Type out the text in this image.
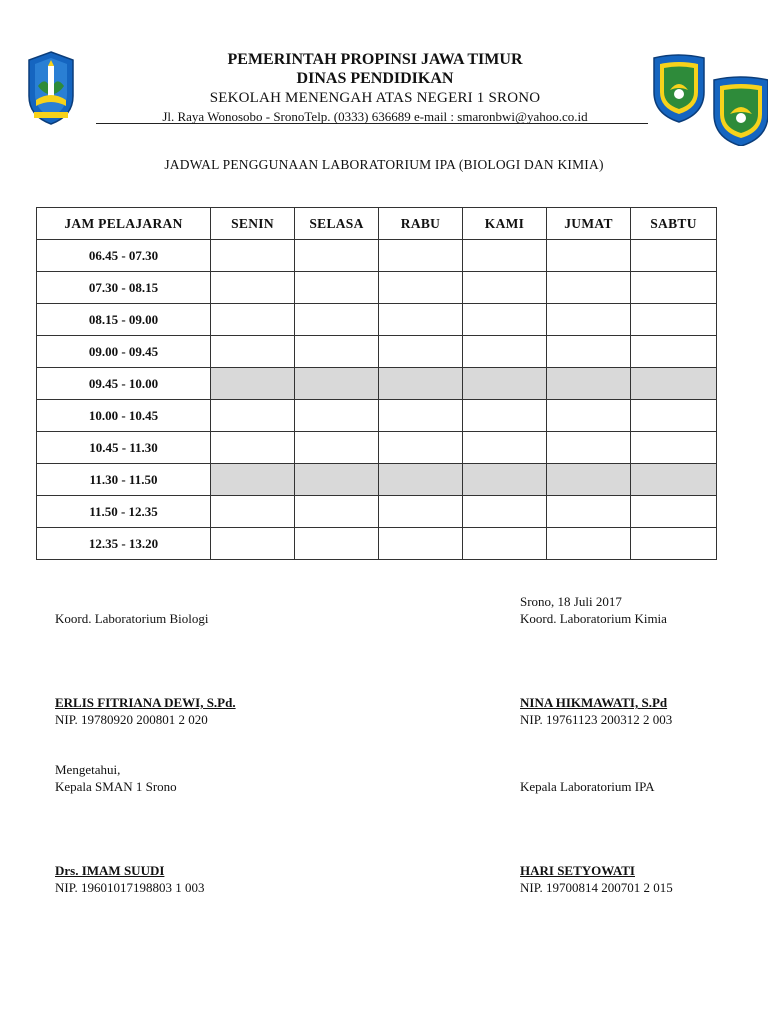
PEMERINTAH PROPINSI JAWA TIMUR
DINAS PENDIDIKAN
SEKOLAH MENENGAH ATAS NEGERI 1 SRONO
Jl. Raya Wonosobo - SronoTelp. (0333) 636689 e-mail : smaronbwi@yahoo.co.id
JADWAL PENGGUNAAN LABORATORIUM IPA (BIOLOGI DAN KIMIA)
JAM PELAJARAN	SENIN	SELASA	RABU	KAMI	JUMAT	SABTU
06.45 - 07.30						
07.30 - 08.15						
08.15 - 09.00						
09.00 - 09.45						
09.45 - 10.00						
10.00 - 10.45						
10.45 - 11.30						
11.30 - 11.50						
11.50 - 12.35						
12.35 - 13.20						
Srono, 18 Juli 2017
Koord. Laboratorium Biologi
ERLIS FITRIANA DEWI, S.Pd.
NIP. 19780920 200801 2 020
Koord. Laboratorium Kimia
NINA HIKMAWATI, S.Pd
NIP. 19761123 200312 2 003
Mengetahui,
Kepala SMAN 1 Srono
Drs. IMAM SUUDI
NIP. 19601017198803 1 003
Kepala Laboratorium IPA
HARI SETYOWATI
NIP. 19700814 200701 2 015
